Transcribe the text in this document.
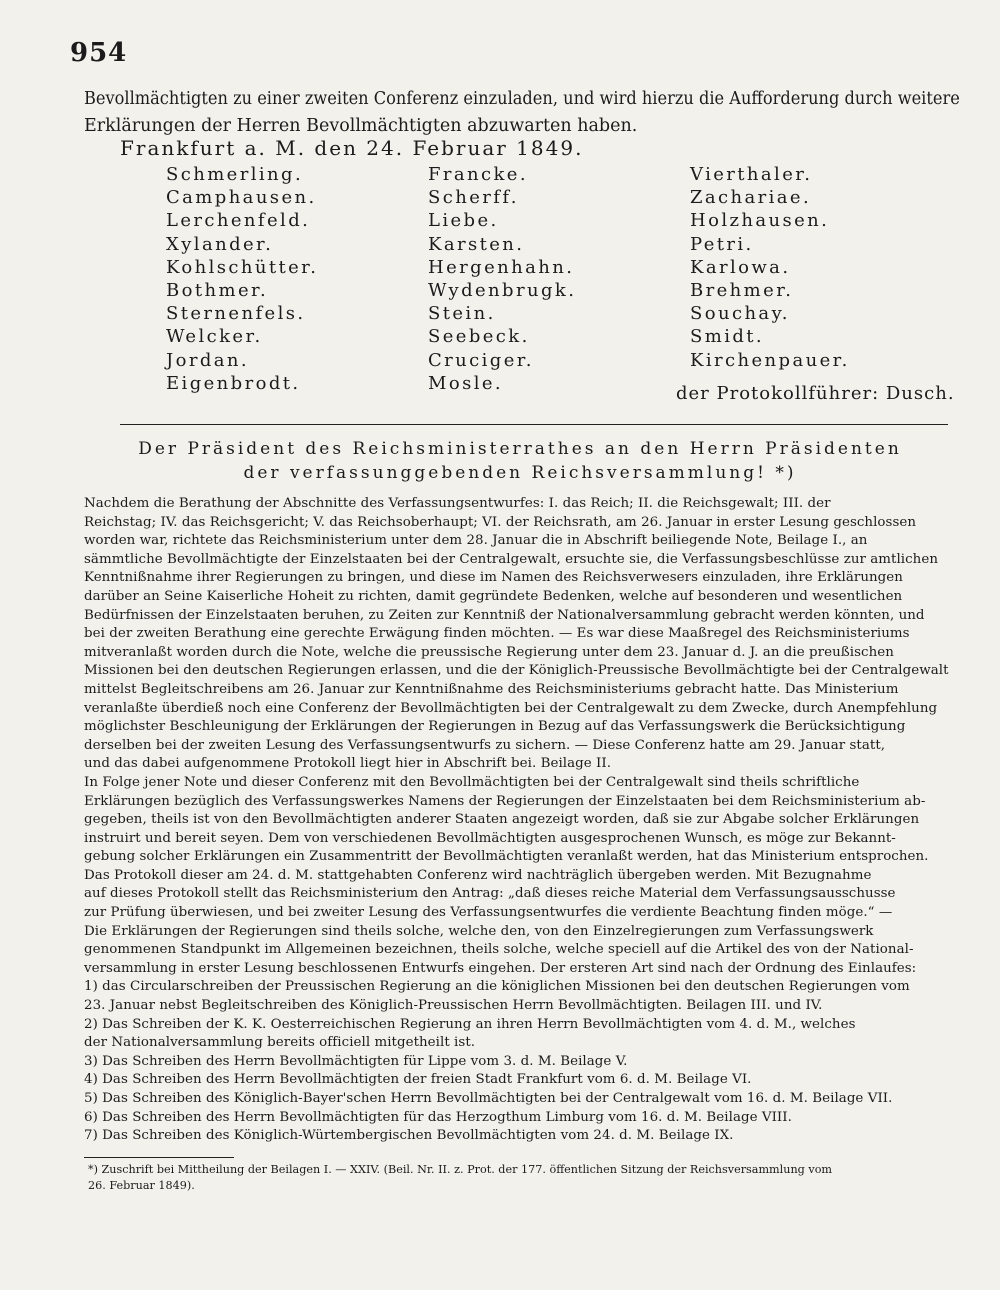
954
Bevollmächtigten zu einer zweiten Conferenz einzuladen, und wird hierzu die Aufforderung durch weitere
Erklärungen der Herren Bevollmächtigten abzuwarten haben.
Frankfurt a. M. den 24. Februar 1849.
Schmerling.
Camphausen.
Lerchenfeld.
Xylander.
Kohlschütter.
Bothmer.
Sternenfels.
Welcker.
Jordan.
Eigenbrodt.
Francke.
Scherff.
Liebe.
Karsten.
Hergenhahn.
Wydenbrugk.
Stein.
Seebeck.
Cruciger.
Mosle.
Vierthaler.
Zachariae.
Holzhausen.
Petri.
Karlowa.
Brehmer.
Souchay.
Smidt.
Kirchenpauer.
der Protokollführer: Dusch.
Der Präsident des Reichsministerrathes an den Herrn Präsidenten
der verfassunggebenden Reichsversammlung! *)
Nachdem die Berathung der Abschnitte des Verfassungsentwurfes: I. das Reich; II. die Reichsgewalt; III. der
Reichstag; IV. das Reichsgericht; V. das Reichsoberhaupt; VI. der Reichsrath, am 26. Januar in erster Lesung geschlossen
worden war, richtete das Reichsministerium unter dem 28. Januar die in Abschrift beiliegende Note, Beilage I., an
sämmtliche Bevollmächtigte der Einzelstaaten bei der Centralgewalt, ersuchte sie, die Verfassungsbeschlüsse zur amtlichen
Kenntnißnahme ihrer Regierungen zu bringen, und diese im Namen des Reichsverwesers einzuladen, ihre Erklärungen
darüber an Seine Kaiserliche Hoheit zu richten, damit gegründete Bedenken, welche auf besonderen und wesentlichen
Bedürfnissen der Einzelstaaten beruhen, zu Zeiten zur Kenntniß der Nationalversammlung gebracht werden könnten, und
bei der zweiten Berathung eine gerechte Erwägung finden möchten. — Es war diese Maaßregel des Reichsministeriums
mitveranlaßt worden durch die Note, welche die preussische Regierung unter dem 23. Januar d. J. an die preußischen
Missionen bei den deutschen Regierungen erlassen, und die der Königlich-Preussische Bevollmächtigte bei der Centralgewalt
mittelst Begleitschreibens am 26. Januar zur Kenntnißnahme des Reichsministeriums gebracht hatte. Das Ministerium
veranlaßte überdieß noch eine Conferenz der Bevollmächtigten bei der Centralgewalt zu dem Zwecke, durch Anempfehlung
möglichster Beschleunigung der Erklärungen der Regierungen in Bezug auf das Verfassungswerk die Berücksichtigung
derselben bei der zweiten Lesung des Verfassungsentwurfs zu sichern. — Diese Conferenz hatte am 29. Januar statt,
und das dabei aufgenommene Protokoll liegt hier in Abschrift bei. Beilage II.
In Folge jener Note und dieser Conferenz mit den Bevollmächtigten bei der Centralgewalt sind theils schriftliche
Erklärungen bezüglich des Verfassungswerkes Namens der Regierungen der Einzelstaaten bei dem Reichsministerium ab-
gegeben, theils ist von den Bevollmächtigten anderer Staaten angezeigt worden, daß sie zur Abgabe solcher Erklärungen
instruirt und bereit seyen. Dem von verschiedenen Bevollmächtigten ausgesprochenen Wunsch, es möge zur Bekannt-
gebung solcher Erklärungen ein Zusammentritt der Bevollmächtigten veranlaßt werden, hat das Ministerium entsprochen.
Das Protokoll dieser am 24. d. M. stattgehabten Conferenz wird nachträglich übergeben werden. Mit Bezugnahme
auf dieses Protokoll stellt das Reichsministerium den Antrag: „daß dieses reiche Material dem Verfassungsausschusse
zur Prüfung überwiesen, und bei zweiter Lesung des Verfassungsentwurfes die verdiente Beachtung finden möge.“ —
Die Erklärungen der Regierungen sind theils solche, welche den, von den Einzelregierungen zum Verfassungswerk
genommenen Standpunkt im Allgemeinen bezeichnen, theils solche, welche speciell auf die Artikel des von der National-
versammlung in erster Lesung beschlossenen Entwurfs eingehen. Der ersteren Art sind nach der Ordnung des Einlaufes:
1) das Circularschreiben der Preussischen Regierung an die königlichen Missionen bei den deutschen Regierungen vom
23. Januar nebst Begleitschreiben des Königlich-Preussischen Herrn Bevollmächtigten. Beilagen III. und IV.
2) Das Schreiben der K. K. Oesterreichischen Regierung an ihren Herrn Bevollmächtigten vom 4. d. M., welches
der Nationalversammlung bereits officiell mitgetheilt ist.
3) Das Schreiben des Herrn Bevollmächtigten für Lippe vom 3. d. M. Beilage V.
4) Das Schreiben des Herrn Bevollmächtigten der freien Stadt Frankfurt vom 6. d. M. Beilage VI.
5) Das Schreiben des Königlich-Bayer'schen Herrn Bevollmächtigten bei der Centralgewalt vom 16. d. M. Beilage VII.
6) Das Schreiben des Herrn Bevollmächtigten für das Herzogthum Limburg vom 16. d. M. Beilage VIII.
7) Das Schreiben des Königlich-Würtembergischen Bevollmächtigten vom 24. d. M. Beilage IX.
*) Zuschrift bei Mittheilung der Beilagen I. — XXIV. (Beil. Nr. II. z. Prot. der 177. öffentlichen Sitzung der Reichsversammlung vom
26. Februar 1849).
